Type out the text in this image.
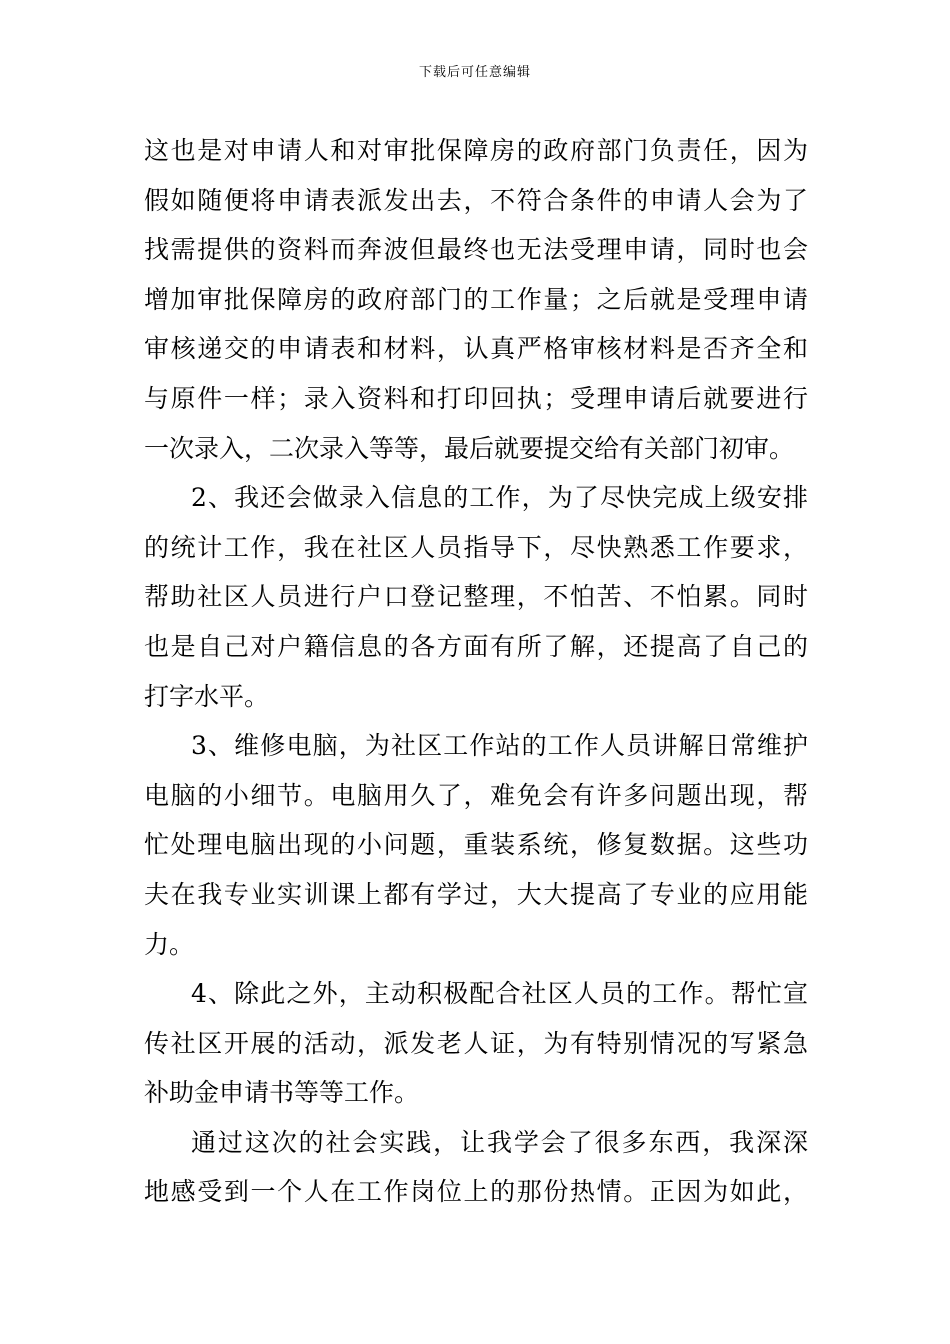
下载后可任意编辑
这也是对申请人和对审批保障房的政府部门负责任，因为
假如随便将申请表派发出去，不符合条件的申请人会为了
找需提供的资料而奔波但最终也无法受理申请，同时也会
增加审批保障房的政府部门的工作量；之后就是受理申请
审核递交的申请表和材料，认真严格审核材料是否齐全和
与原件一样；录入资料和打印回执；受理申请后就要进行
一次录入，二次录入等等，最后就要提交给有关部门初审。
2、我还会做录入信息的工作，为了尽快完成上级安排
的统计工作，我在社区人员指导下，尽快熟悉工作要求，
帮助社区人员进行户口登记整理，不怕苦、不怕累。同时
也是自己对户籍信息的各方面有所了解，还提高了自己的
打字水平。
3、维修电脑，为社区工作站的工作人员讲解日常维护
电脑的小细节。电脑用久了，难免会有许多问题出现，帮
忙处理电脑出现的小问题，重装系统，修复数据。这些功
夫在我专业实训课上都有学过，大大提高了专业的应用能
力。
4、除此之外，主动积极配合社区人员的工作。帮忙宣
传社区开展的活动，派发老人证，为有特别情况的写紧急
补助金申请书等等工作。
通过这次的社会实践，让我学会了很多东西，我深深
地感受到一个人在工作岗位上的那份热情。正因为如此，
